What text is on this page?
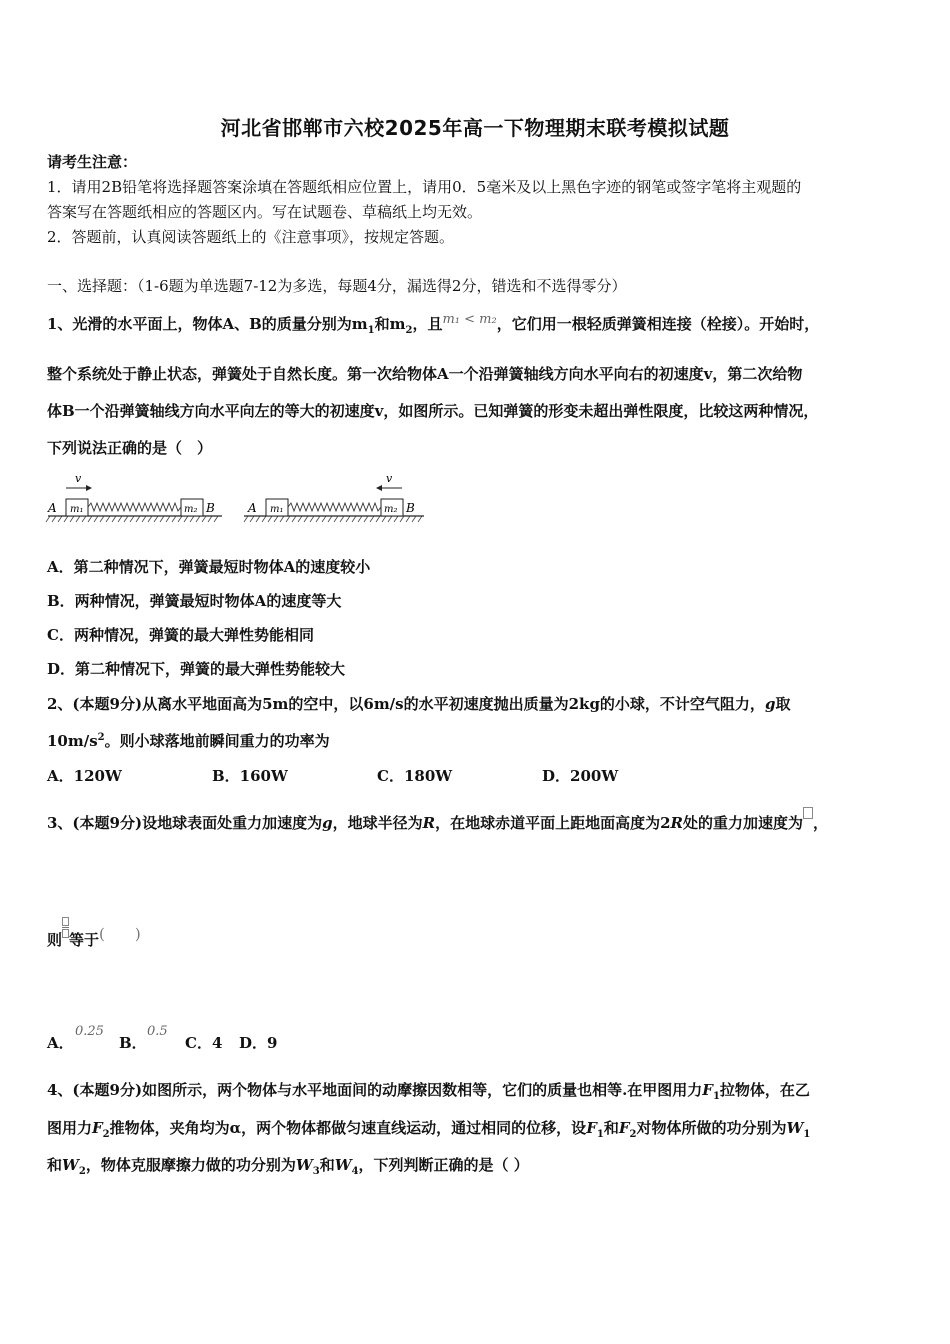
河北省邯郸市六校2025年高一下物理期末联考模拟试题
请考生注意：
1．请用2B铅笔将选择题答案涂填在答题纸相应位置上，请用0．5毫米及以上黑色字迹的钢笔或签字笔将主观题的
答案写在答题纸相应的答题区内。写在试题卷、草稿纸上均无效。
2．答题前，认真阅读答题纸上的《注意事项》，按规定答题。
一、选择题：（1-6题为单选题7-12为多选，每题4分，漏选得2分，错选和不选得零分）
1、光滑的水平面上，物体A、B的质量分别为$m_1$和$m_2$，且m₁ < m₂，它们用一根轻质弹簧相连接（栓接）。开始时，
整个系统处于静止状态，弹簧处于自然长度。第一次给物体A一个沿弹簧轴线方向水平向右的初速度v，第二次给物
体B一个沿弹簧轴线方向水平向左的等大的初速度v，如图所示。已知弹簧的形变未超出弹性限度，比较这两种情况，
下列说法正确的是（　）
A m₁	m₂ B
v
A m₁	m₂ B
v
A．第二种情况下，弹簧最短时物体A的速度较小
B．两种情况，弹簧最短时物体A的速度等大
C．两种情况，弹簧的最大弹性势能相同
D．第二种情况下，弹簧的最大弹性势能较大
2、(本题9分)从离水平地面高为5m的空中，以6m/s的水平初速度抛出质量为2kg的小球，不计空气阻力，g取
$10m/s^2$。则小球落地前瞬间重力的功率为
A．120W	B．160W	C．180W	D．200W
3、(本题9分)设地球表面处重力加速度为g，地球半径为R，在地球赤道平面上距地面高度为2R处的重力加速度为 ，
则 等于(　　)
A．
0.25
B．
0.5
C．4 D．9
4、(本题9分)如图所示，两个物体与水平地面间的动摩擦因数相等，它们的质量也相等.在甲图用力$F_1$拉物体，在乙
图用力$F_2$推物体，夹角均为α，两个物体都做匀速直线运动，通过相同的位移，设$F_1$和$F_2$对物体所做的功分别为$W_1$
和$W_2$，物体克服摩擦力做的功分别为$W_3$和$W_4$，下列判断正确的是（ ）
